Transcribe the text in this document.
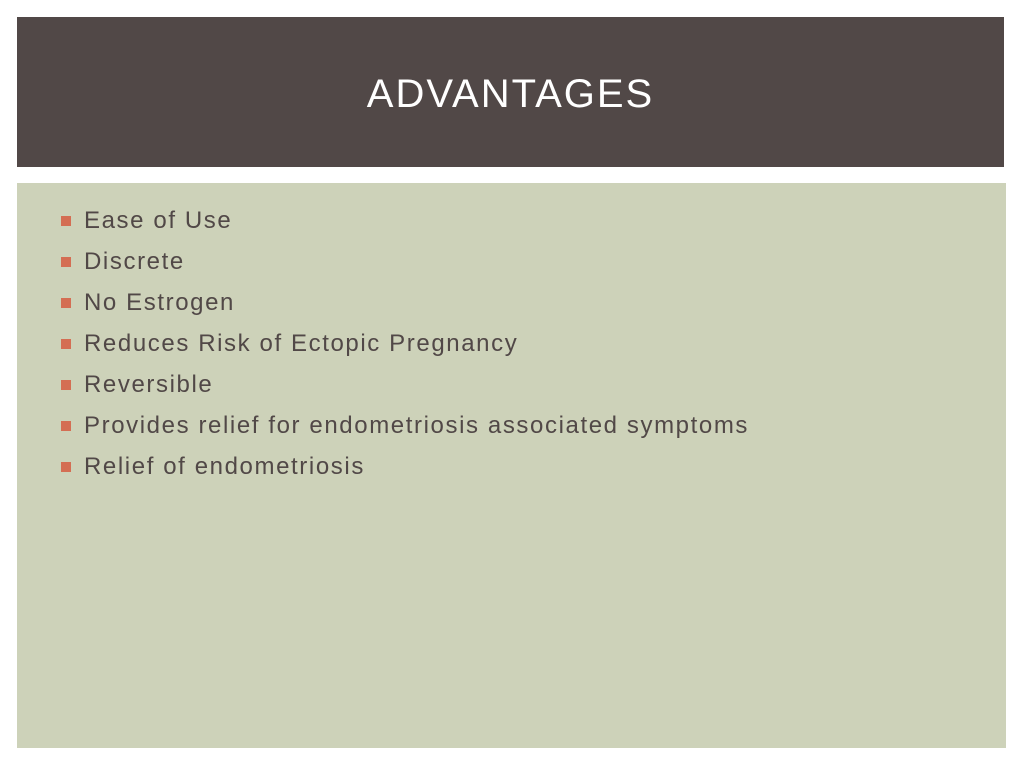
ADVANTAGES
Ease of Use
Discrete
No Estrogen
Reduces Risk of Ectopic Pregnancy
Reversible
Provides relief for endometriosis associated symptoms
Relief of endometriosis
